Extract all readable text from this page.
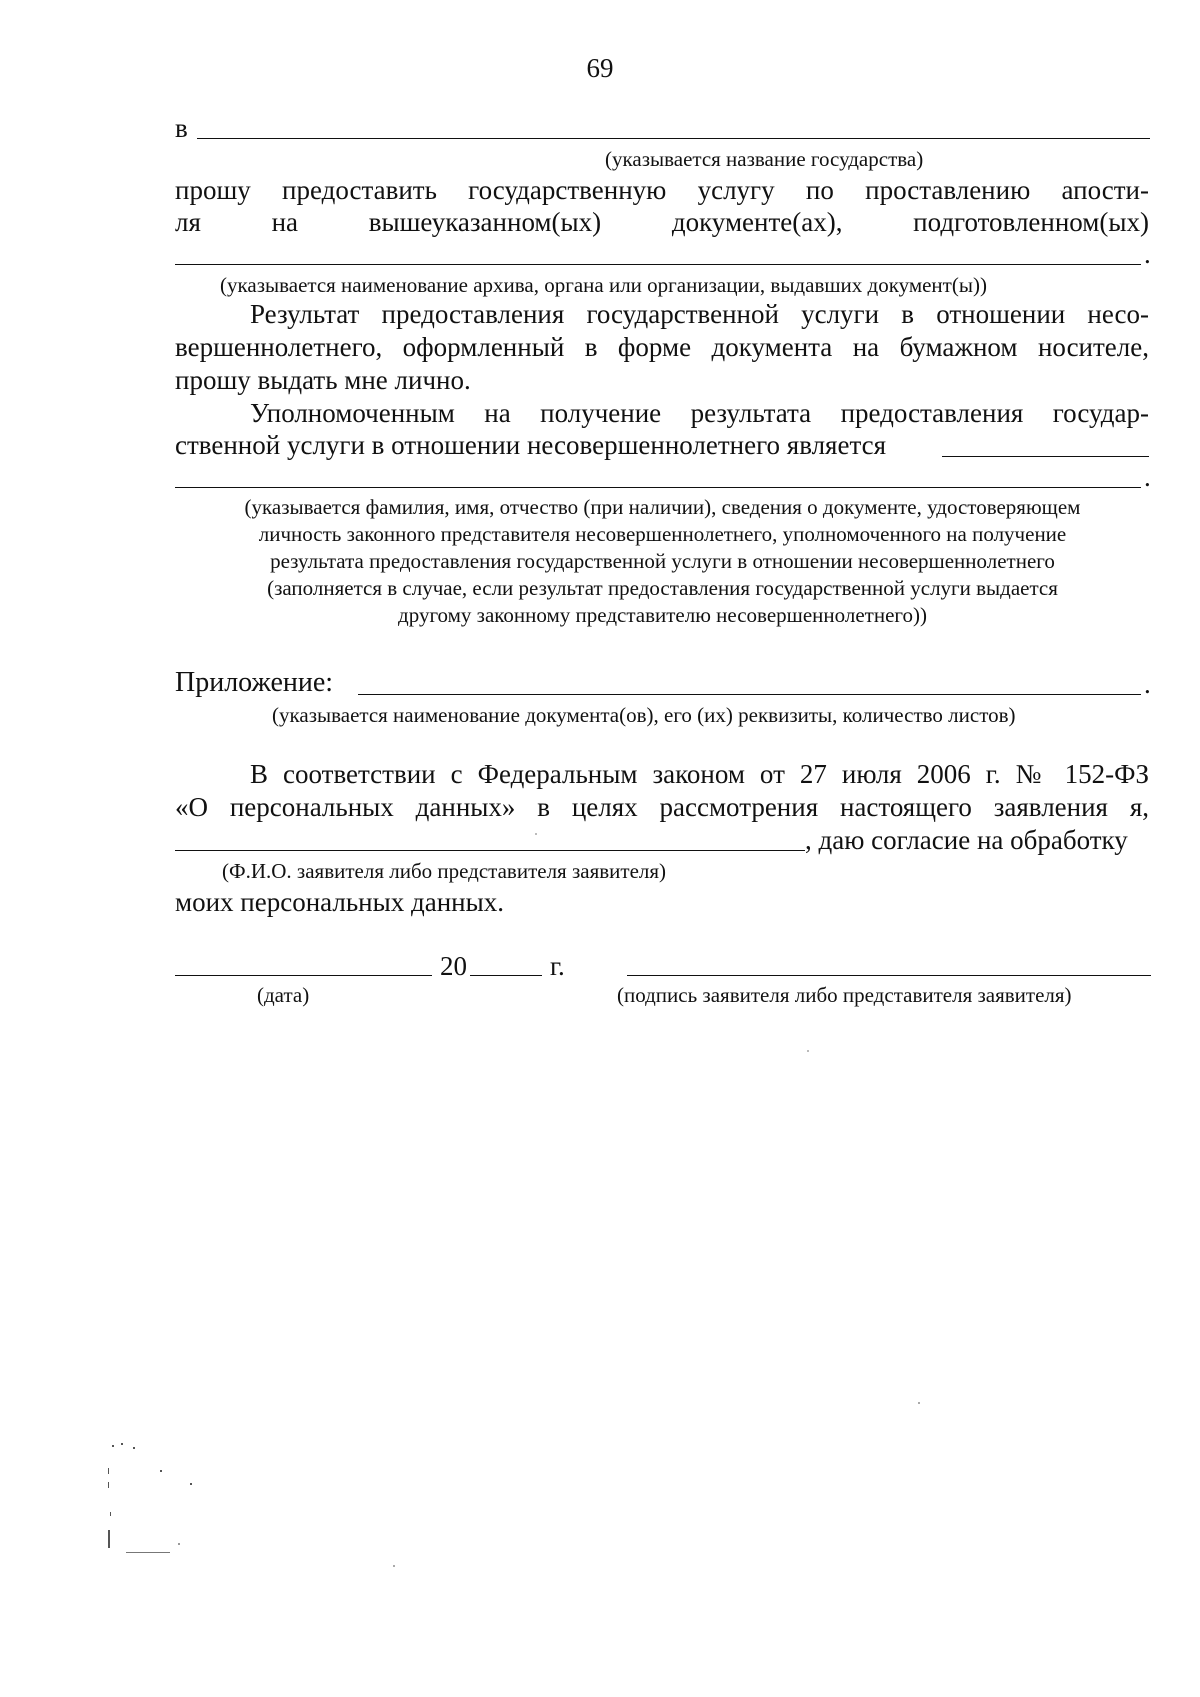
69
в
(указывается название государства)
прошу предоставить государственную услугу по проставлению апости-
ля на вышеуказанном(ых) документе(ах), подготовленном(ых)
.
(указывается наименование архива, органа или организации, выдавших документ(ы))
Результат предоставления государственной услуги в отношении несо-
вершеннолетнего, оформленный в форме документа на бумажном носителе,
прошу выдать мне лично.
Уполномоченным на получение результата предоставления государ-
ственной услуги в отношении несовершеннолетнего является
.
(указывается фамилия, имя, отчество (при наличии), сведения о документе, удостоверяющем
личность законного представителя несовершеннолетнего, уполномоченного на получение
результата предоставления государственной услуги в отношении несовершеннолетнего
(заполняется в случае, если результат предоставления государственной услуги выдается
другому законному представителю несовершеннолетнего))
Приложение:	.
(указывается наименование документа(ов), его (их) реквизиты, количество листов)
В соответствии с Федеральным законом от 27 июля 2006 г. № 152-ФЗ
«О персональных данных» в целях рассмотрения настоящего заявления я,
, даю согласие на обработку
(Ф.И.О. заявителя либо представителя заявителя)
моих персональных данных.
20	г.
(дата)	(подпись заявителя либо представителя заявителя)
